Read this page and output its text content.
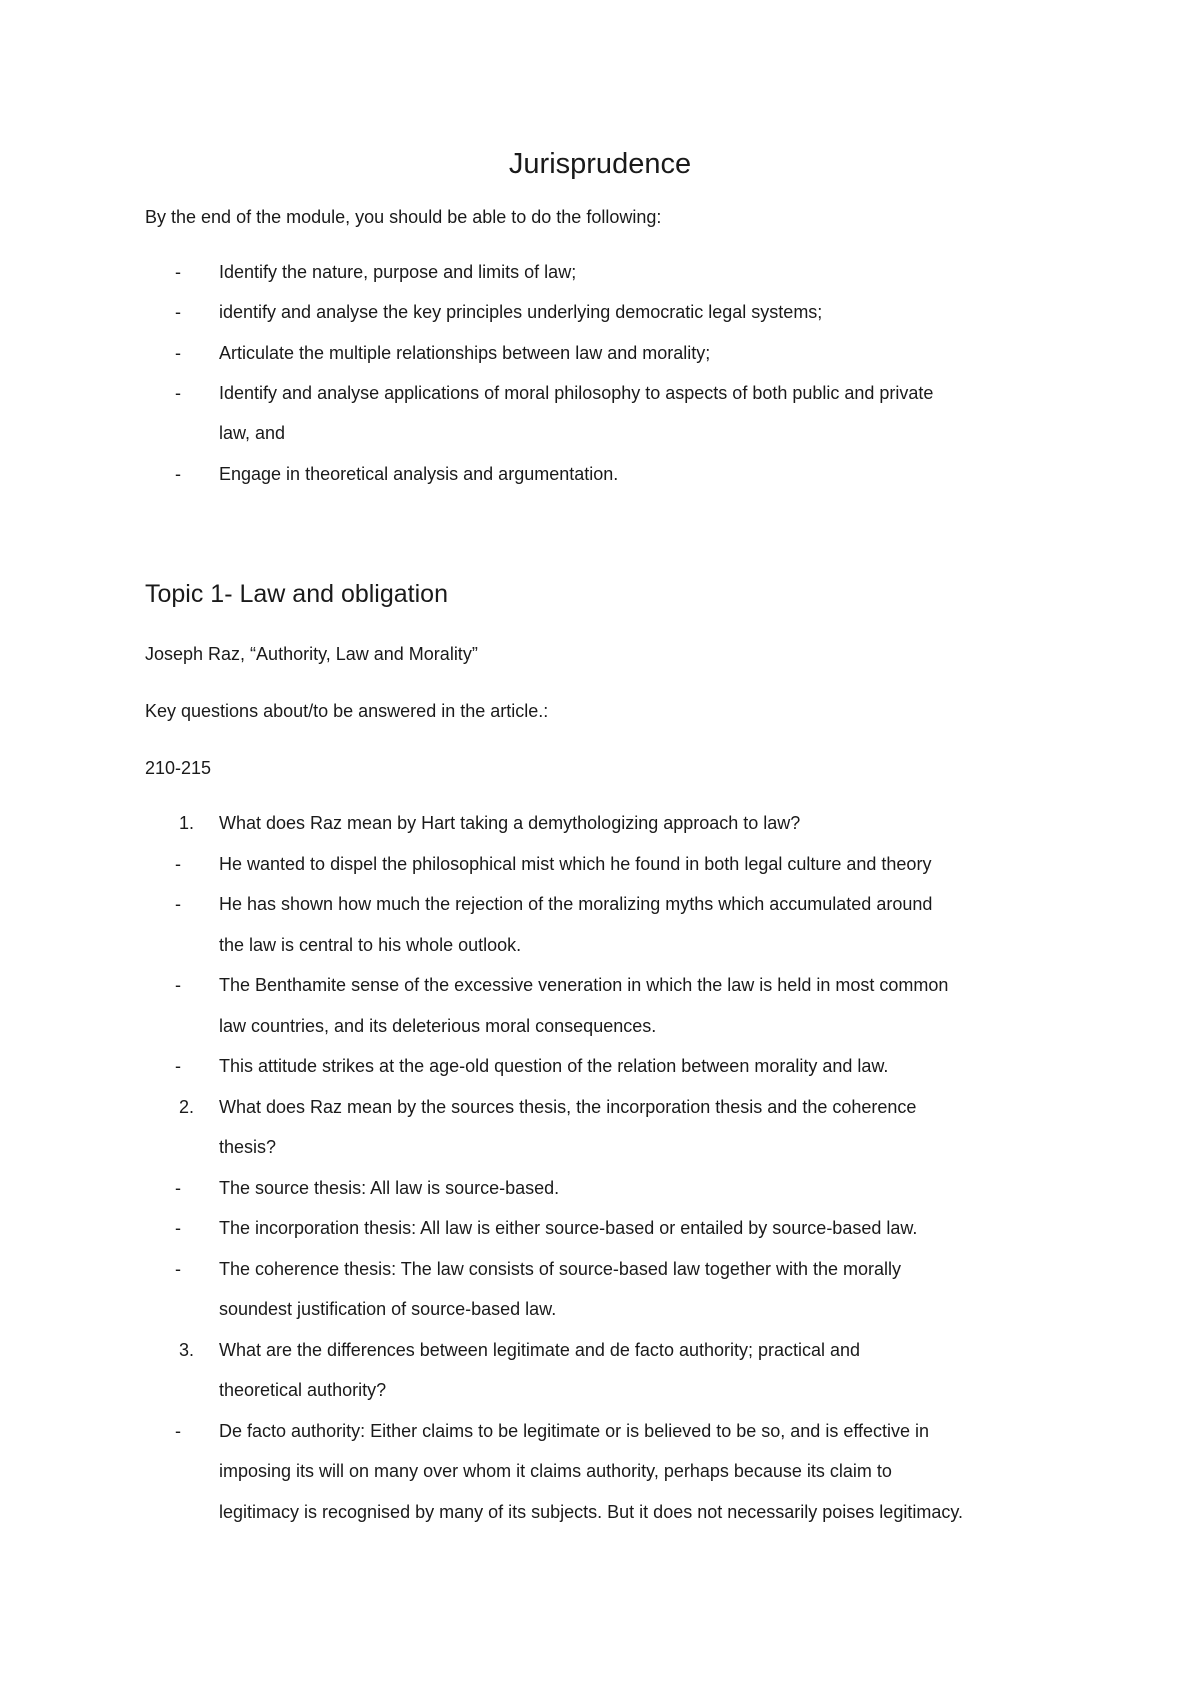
Jurisprudence

By the end of the module, you should be able to do the following:

-	Identify the nature, purpose and limits of law;
-	identify and analyse the key principles underlying democratic legal systems;
-	Articulate the multiple relationships between law and morality;
-	Identify and analyse applications of moral philosophy to aspects of both public and private
law, and
-	Engage in theoretical analysis and argumentation.
Topic 1- Law and obligation

Joseph Raz, “Authority, Law and Morality”

Key questions about/to be answered in the article.:

210-215

1. What does Raz mean by Hart taking a demythologizing approach to law?
-	He wanted to dispel the philosophical mist which he found in both legal culture and theory
-	He has shown how much the rejection of the moralizing myths which accumulated around
the law is central to his whole outlook.
-	The Benthamite sense of the excessive veneration in which the law is held in most common
law countries, and its deleterious moral consequences.
-	This attitude strikes at the age-old question of the relation between morality and law.
2. What does Raz mean by the sources thesis, the incorporation thesis and the coherence
thesis?
-	The source thesis: All law is source-based.
-	The incorporation thesis: All law is either source-based or entailed by source-based law.
-	The coherence thesis: The law consists of source-based law together with the morally
soundest justification of source-based law.
3. What are the differences between legitimate and de facto authority; practical and
theoretical authority?
-	De facto authority: Either claims to be legitimate or is believed to be so, and is effective in
imposing its will on many over whom it claims authority, perhaps because its claim to
legitimacy is recognised by many of its subjects. But it does not necessarily poises legitimacy.
